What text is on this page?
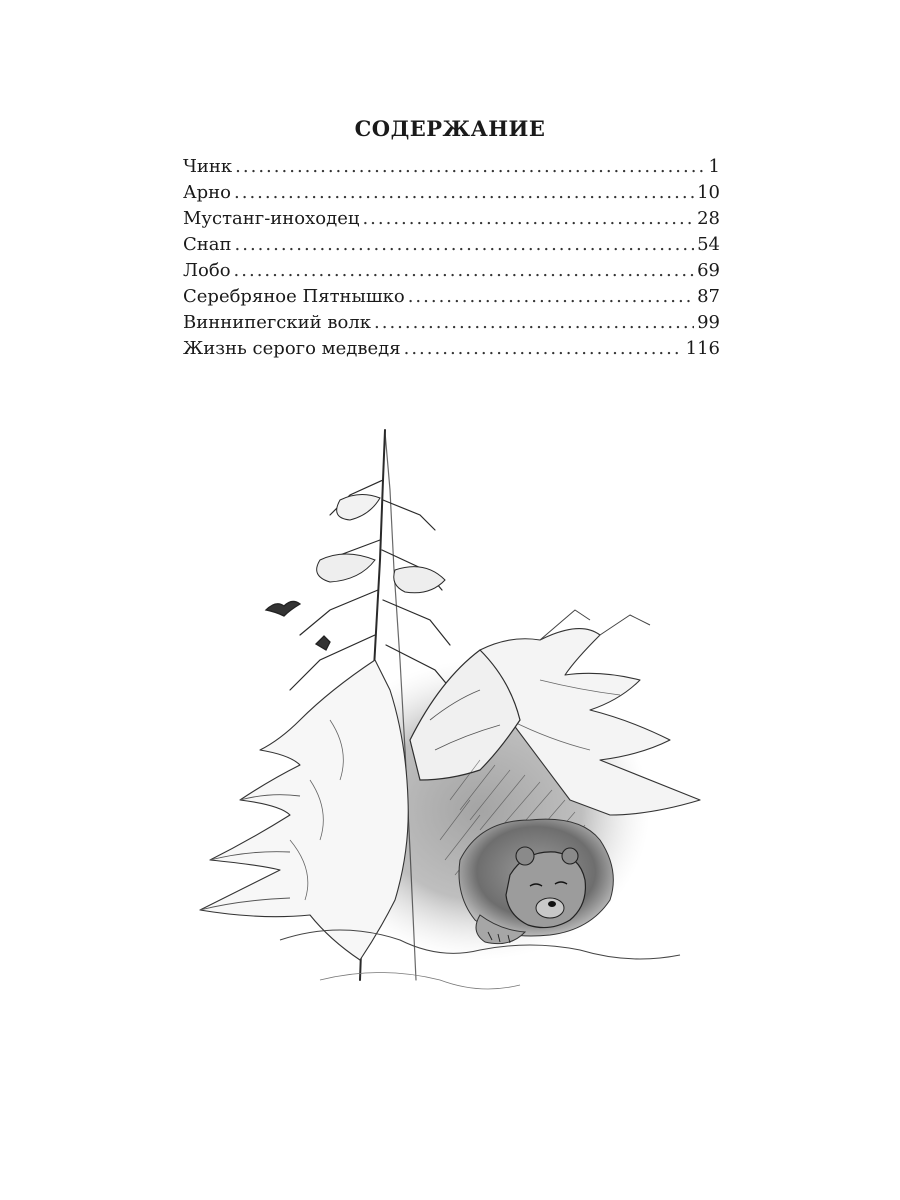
СОДЕРЖАНИЕ
Чинк .....	1
Арно .....	10
Мустанг-иноходец .....	28
Снап .....	54
Лобо .....	69
Серебряное Пятнышко .....	87
Виннипегский волк .....	99
Жизнь серого медведя .....	116
